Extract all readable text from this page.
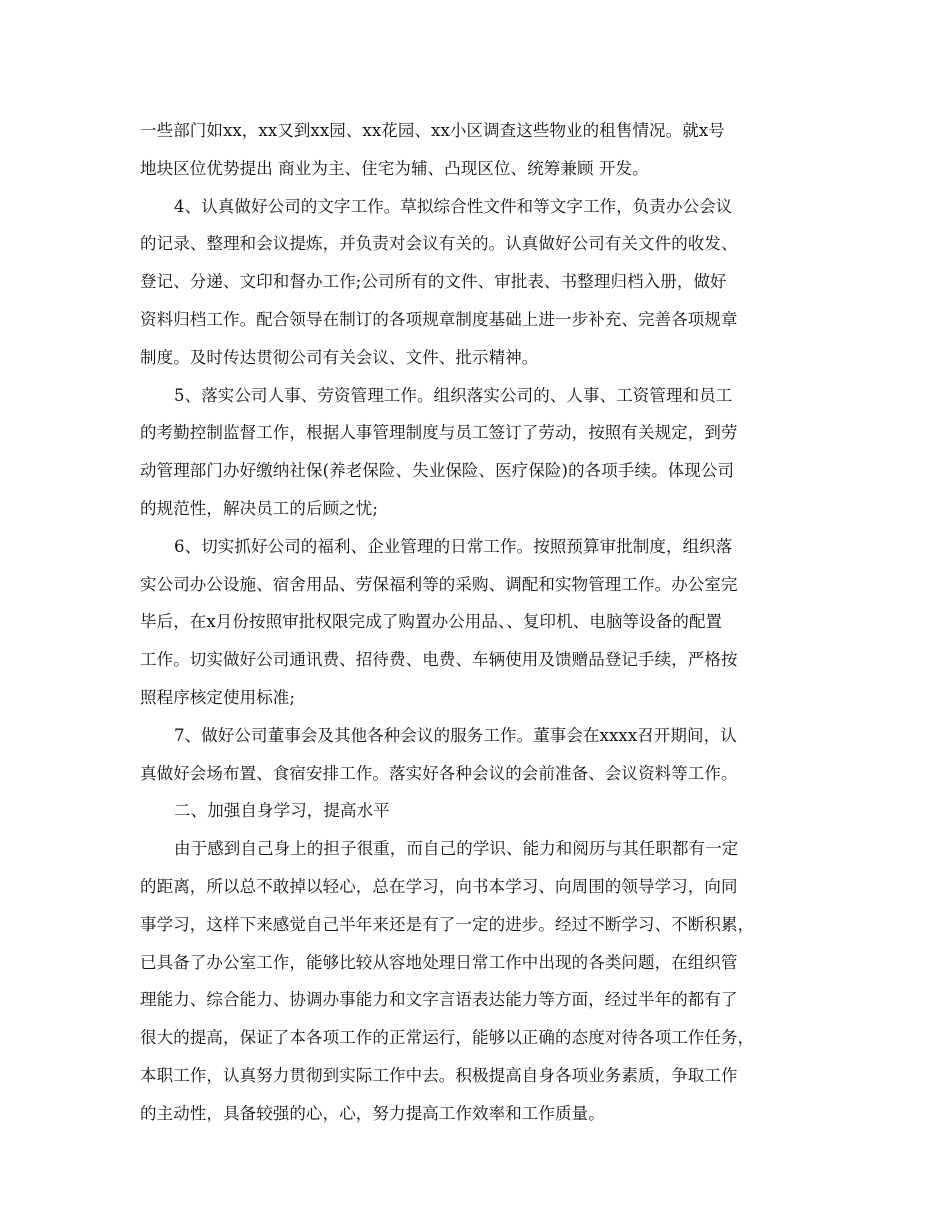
一些部门如xx，xx又到xx园、xx花园、xx小区调查这些物业的租售情况。就x号
地块区位优势提出 商业为主、住宅为辅、凸现区位、统筹兼顾 开发。
4、认真做好公司的文字工作。草拟综合性文件和等文字工作，负责办公会议
的记录、整理和会议提炼，并负责对会议有关的。认真做好公司有关文件的收发、
登记、分递、文印和督办工作;公司所有的文件、审批表、书整理归档入册，做好
资料归档工作。配合领导在制订的各项规章制度基础上进一步补充、完善各项规章
制度。及时传达贯彻公司有关会议、文件、批示精神。
5、落实公司人事、劳资管理工作。组织落实公司的、人事、工资管理和员工
的考勤控制监督工作，根据人事管理制度与员工签订了劳动，按照有关规定，到劳
动管理部门办好缴纳社保(养老保险、失业保险、医疗保险)的各项手续。体现公司
的规范性，解决员工的后顾之忧;
6、切实抓好公司的福利、企业管理的日常工作。按照预算审批制度，组织落
实公司办公设施、宿舍用品、劳保福利等的采购、调配和实物管理工作。办公室完
毕后，在x月份按照审批权限完成了购置办公用品、、复印机、电脑等设备的配置
工作。切实做好公司通讯费、招待费、电费、车辆使用及馈赠品登记手续，严格按
照程序核定使用标准;
7、做好公司董事会及其他各种会议的服务工作。董事会在xxxx召开期间，认
真做好会场布置、食宿安排工作。落实好各种会议的会前准备、会议资料等工作。
二、加强自身学习，提高水平
由于感到自己身上的担子很重，而自己的学识、能力和阅历与其任职都有一定
的距离，所以总不敢掉以轻心，总在学习，向书本学习、向周围的领导学习，向同
事学习，这样下来感觉自己半年来还是有了一定的进步。经过不断学习、不断积累，
已具备了办公室工作，能够比较从容地处理日常工作中出现的各类问题，在组织管
理能力、综合能力、协调办事能力和文字言语表达能力等方面，经过半年的都有了
很大的提高，保证了本各项工作的正常运行，能够以正确的态度对待各项工作任务，
本职工作，认真努力贯彻到实际工作中去。积极提高自身各项业务素质，争取工作
的主动性，具备较强的心，心，努力提高工作效率和工作质量。
